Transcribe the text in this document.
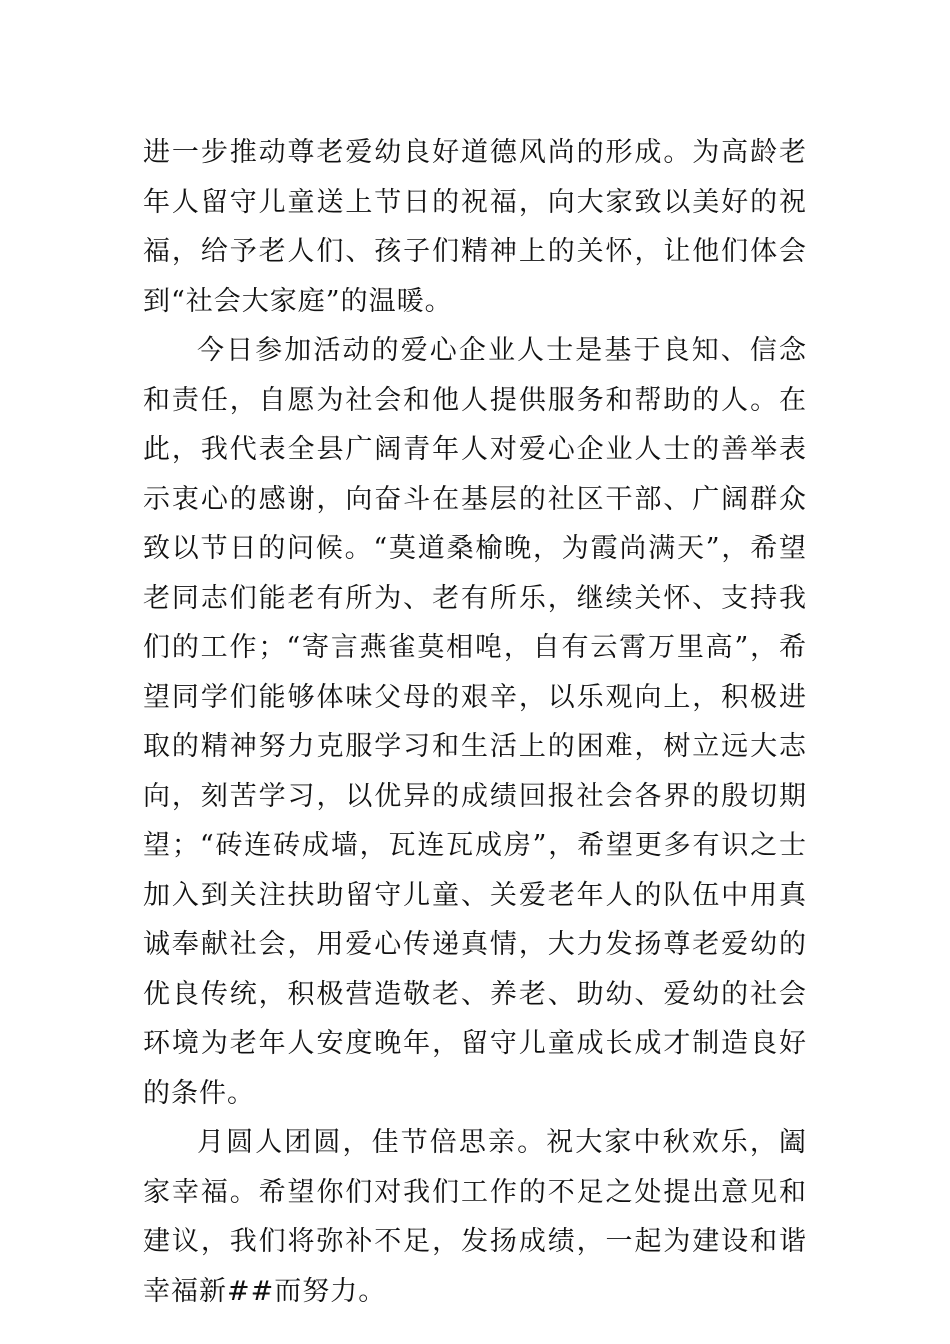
进一步推动尊老爱幼良好道德风尚的形成。为高龄老年人留守儿童送上节日的祝福，向大家致以美好的祝福，给予老人们、孩子们精神上的关怀，让他们体会到“社会大家庭”的温暖。

今日参加活动的爱心企业人士是基于良知、信念和责任，自愿为社会和他人提供服务和帮助的人。在此，我代表全县广阔青年人对爱心企业人士的善举表示衷心的感谢，向奋斗在基层的社区干部、广阔群众致以节日的问候。“莫道桑榆晚，为霞尚满天”，希望老同志们能老有所为、老有所乐，继续关怀、支持我们的工作；“寄言燕雀莫相唣，自有云霄万里高”，希望同学们能够体味父母的艰辛，以乐观向上，积极进取的精神努力克服学习和生活上的困难，树立远大志向，刻苦学习，以优异的成绩回报社会各界的殷切期望；“砖连砖成墙，瓦连瓦成房”，希望更多有识之士加入到关注扶助留守儿童、关爱老年人的队伍中用真诚奉献社会，用爱心传递真情，大力发扬尊老爱幼的优良传统，积极营造敬老、养老、助幼、爱幼的社会环境为老年人安度晚年，留守儿童成长成才制造良好的条件。

月圆人团圆，佳节倍思亲。祝大家中秋欢乐，阖家幸福。希望你们对我们工作的不足之处提出意见和建议，我们将弥补不足，发扬成绩，一起为建设和谐幸福新##而努力。
